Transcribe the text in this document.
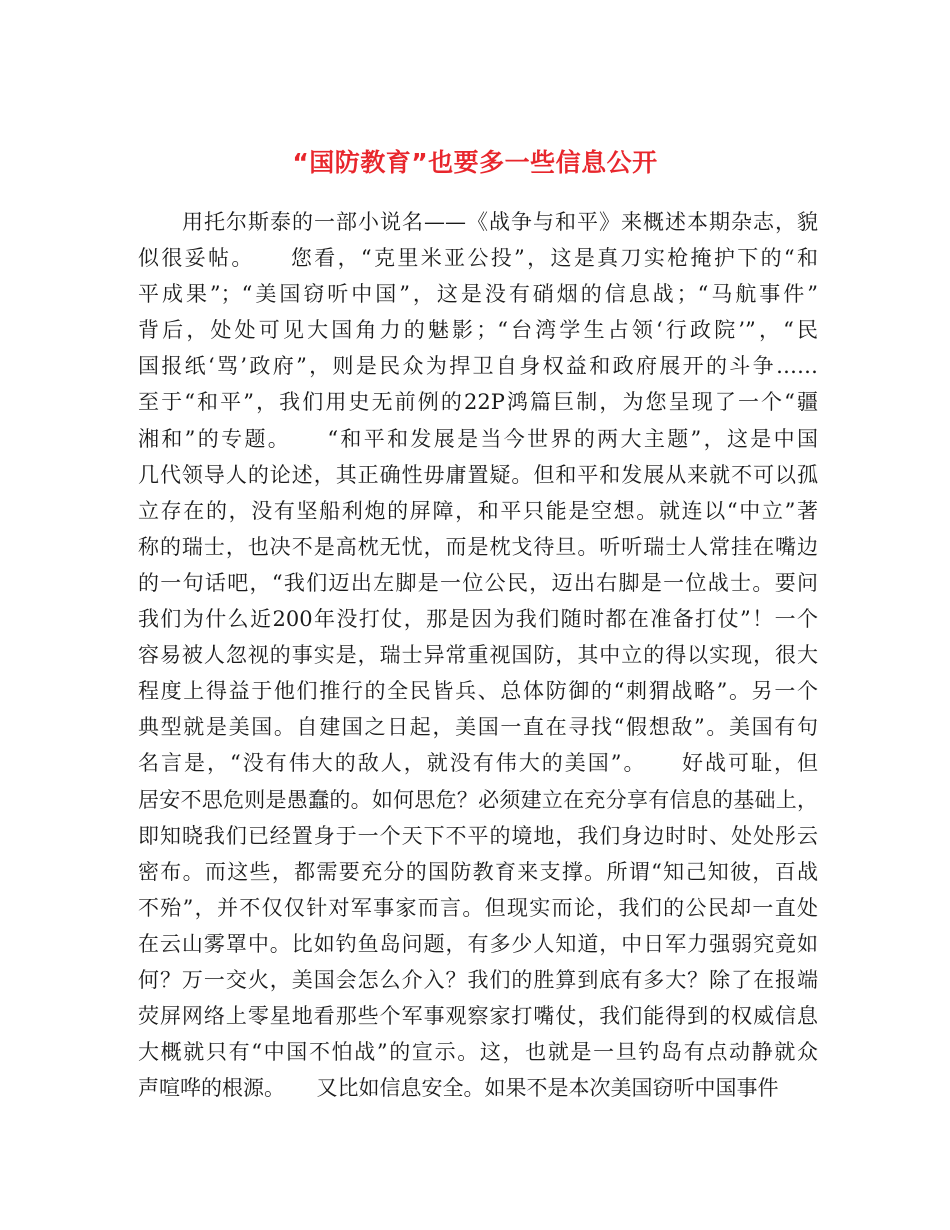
“国防教育”也要多一些信息公开
　　用托尔斯泰的一部小说名——《战争与和平》来概述本期杂志，貌
似很妥帖。　　您看，“克里米亚公投”，这是真刀实枪掩护下的“和
平成果”；“美国窃听中国”，这是没有硝烟的信息战；“马航事件”
背后，处处可见大国角力的魅影；“台湾学生占领‘行政院’”，“民
国报纸‘骂’政府”，则是民众为捍卫自身权益和政府展开的斗争……
至于“和平”，我们用史无前例的22P鸿篇巨制，为您呈现了一个“疆
湘和”的专题。　　“和平和发展是当今世界的两大主题”，这是中国
几代领导人的论述，其正确性毋庸置疑。但和平和发展从来就不可以孤
立存在的，没有坚船利炮的屏障，和平只能是空想。就连以“中立”著
称的瑞士，也决不是高枕无忧，而是枕戈待旦。听听瑞士人常挂在嘴边
的一句话吧，“我们迈出左脚是一位公民，迈出右脚是一位战士。要问
我们为什么近200年没打仗，那是因为我们随时都在准备打仗”！一个
容易被人忽视的事实是，瑞士异常重视国防，其中立的得以实现，很大
程度上得益于他们推行的全民皆兵、总体防御的“刺猬战略”。另一个
典型就是美国。自建国之日起，美国一直在寻找“假想敌”。美国有句
名言是，“没有伟大的敌人，就没有伟大的美国”。　　好战可耻，但
居安不思危则是愚蠢的。如何思危？必须建立在充分享有信息的基础上，
即知晓我们已经置身于一个天下不平的境地，我们身边时时、处处彤云
密布。而这些，都需要充分的国防教育来支撑。所谓“知己知彼，百战
不殆”，并不仅仅针对军事家而言。但现实而论，我们的公民却一直处
在云山雾罩中。比如钓鱼岛问题，有多少人知道，中日军力强弱究竟如
何？万一交火，美国会怎么介入？我们的胜算到底有多大？除了在报端
荧屏网络上零星地看那些个军事观察家打嘴仗，我们能得到的权威信息
大概就只有“中国不怕战”的宣示。这，也就是一旦钓岛有点动静就众
声喧哗的根源。　　又比如信息安全。如果不是本次美国窃听中国事件
